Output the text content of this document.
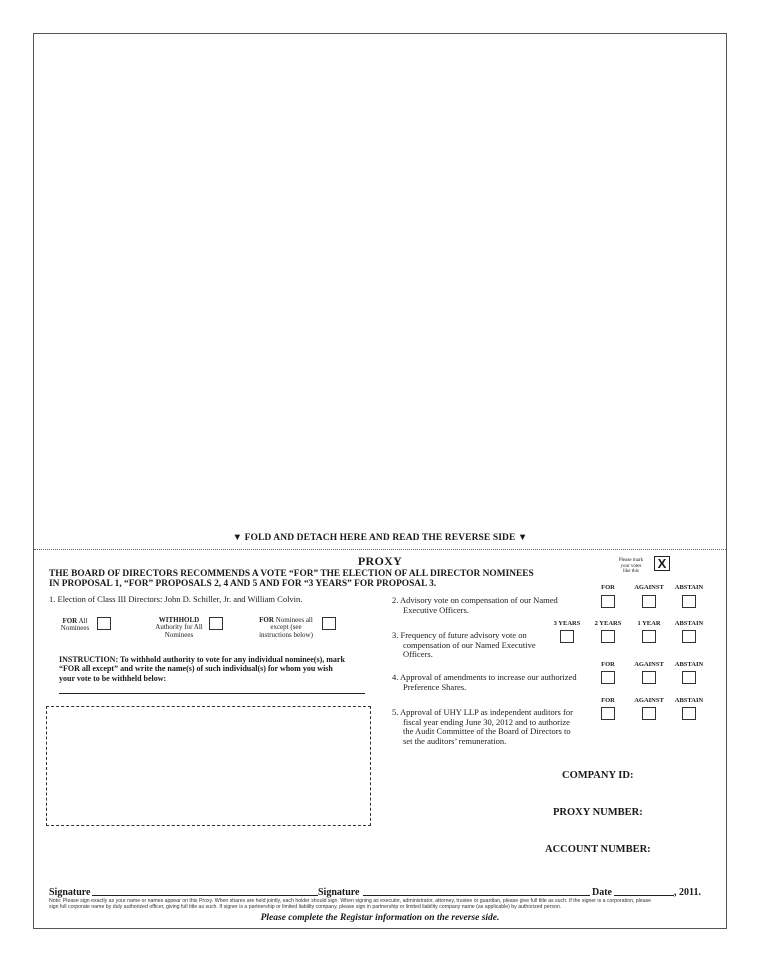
▼ FOLD AND DETACH HERE AND READ THE REVERSE SIDE ▼
PROXY
THE BOARD OF DIRECTORS RECOMMENDS A VOTE “FOR” THE ELECTION OF ALL DIRECTOR NOMINEES
IN PROPOSAL 1, “FOR” PROPOSALS 2, 4 AND 5 AND FOR “3 YEARS” FOR PROPOSAL 3.
Please mark
your votes
like this
X
1. Election of Class III Directors: John D. Schiller, Jr. and William Colvin.
FOR All
Nominees
WITHHOLD
Authority for All
Nominees
FOR Nominees all
except (see
instructions below)
INSTRUCTION: To withhold authority to vote for any individual nominee(s), mark
“FOR all except” and write the name(s) of such individual(s) for whom you wish
your vote to be withheld below:
FOR	AGAINST	ABSTAIN
2. Advisory vote on compensation of our Named
Executive Officers.
3 YEARS	2 YEARS	1 YEAR	ABSTAIN
3. Frequency of future advisory vote on
compensation of our Named Executive
Officers.
FOR	AGAINST	ABSTAIN
4. Approval of amendments to increase our authorized
Preference Shares.
FOR	AGAINST	ABSTAIN
5. Approval of UHY LLP as independent auditors for
fiscal year ending June 30, 2012 and to authorize
the Audit Committee of the Board of Directors to
set the auditors’ remuneration.
COMPANY ID:
PROXY NUMBER:
ACCOUNT NUMBER:
Signature	Signature	Date	, 2011.
Note: Please sign exactly as your name or names appear on this Proxy. When shares are held jointly, each holder should sign. When signing as executor, administrator, attorney, trustee or guardian, please give full title as such. If the signer is a corporation, please
sign full corporate name by duly authorized officer, giving full title as such. If signer is a partnership or limited liability company, please sign in partnership or limited liability company name (as applicable) by authorized person.
Please complete the Registar information on the reverse side.
